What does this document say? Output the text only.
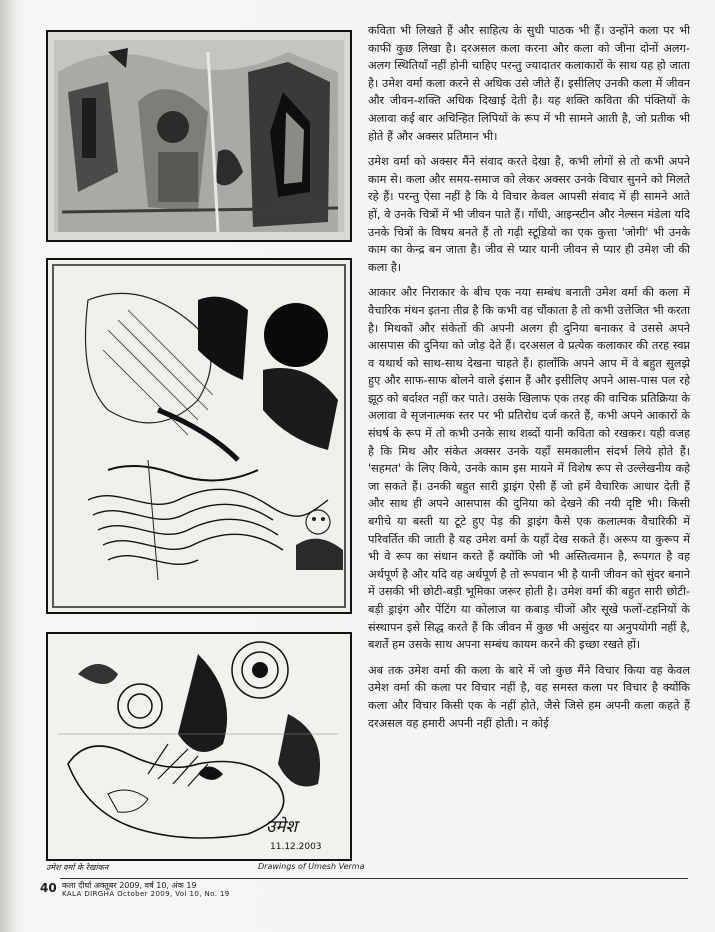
उमेश
11.12.2003
उमेश वर्मा के रेखांकन	Drawings of Umesh Verma

कविता भी लिखते हैं और साहित्य के सुधी पाठक भी हैं। उन्होंने कला पर भी काफी कुछ लिखा है। दरअसल कला करना और कला को जीना दोनों अलग-अलग स्थितियाँ नहीं होनी चाहिए परन्तु ज्यादातर कलाकारों के साथ यह हो जाता है। उमेश वर्मा कला करने से अधिक उसे जीते हैं। इसीलिए उनकी कला में जीवन और जीवन-शक्ति अधिक दिखाई देती है। यह शक्ति कविता की पंक्तियों के अलावा कई बार अचिन्हित लिपियों के रूप में भी सामने आती है, जो प्रतीक भी होते हैं और अक्सर प्रतिमान भी।

उमेश वर्मा को अक्सर मैंने संवाद करते देखा है, कभी लोगों से तो कभी अपने काम से। कला और समय-समाज को लेकर अक्सर उनके विचार सुनने को मिलते रहे हैं। परन्तु ऐसा नहीं है कि ये विचार केवल आपसी संवाद में ही सामने आते हों, वे उनके चित्रों में भी जीवन पाते हैं। गाँधी, आइन्स्टीन और नेल्सन मंडेला यदि उनके चित्रों के विषय बनते हैं तो गढ़ी स्टूडियो का एक कुत्ता 'जोगी' भी उनके काम का केन्द्र बन जाता है। जीव से प्यार यानी जीवन से प्यार ही उमेश जी की कला है।

आकार और निराकार के बीच एक नया सम्बंध बनाती उमेश वर्मा की कला में वैचारिक मंथन इतना तीव्र है कि कभी वह चौंकाता है तो कभी उत्तेजित भी करता है। मिथकों और संकेतों की अपनी अलग ही दुनिया बनाकर वे उससे अपने आसपास की दुनिया को जोड़ देते हैं। दरअसल वे प्रत्येक कलाकार की तरह स्वप्न व यथार्थ को साथ-साथ देखना चाहते हैं। हालाँकि अपने आप में वे बहुत सुलझे हुए और साफ-साफ बोलने वाले इंसान हैं और इसीलिए अपने आस-पास पल रहे झूठ को बर्दाश्त नहीं कर पाते। उसके खिलाफ एक तरह की वाचिक प्रतिक्रिया के अलावा वे सृजनात्मक स्तर पर भी प्रतिरोध दर्ज करते हैं, कभी अपने आकारों के संघर्ष के रूप में तो कभी उनके साथ शब्दों यानी कविता को रखकर। यही वजह है कि मिथ और संकेत अक्सर उनके यहाँ समकालीन संदर्भ लिये होते हैं। 'सहमत' के लिए किये, उनके काम इस मायने में विशेष रूप से उल्लेखनीय कहे जा सकते हैं। उनकी बहुत सारी ड्राइंग ऐसी हैं जो हमें वैचारिक आधार देती हैं और साथ ही अपने आसपास की दुनिया को देखने की नयी दृष्टि भी। किसी बगीचे या बस्ती या टूटे हुए पेड़ की ड्राइंग कैसे एक कलात्मक वैचारिकी में परिवर्तित की जाती है यह उमेश वर्मा के यहाँ देख सकते हैं। अरूप या कुरूप में भी वे रूप का संधान करते हैं क्योंकि जो भी अस्तित्वमान है, रूपगत है वह अर्थपूर्ण है और यदि वह अर्थपूर्ण है तो रूपवान भी है यानी जीवन को सुंदर बनाने में उसकी भी छोटी-बड़ी भूमिका जरूर होती है। उमेश वर्मा की बहुत सारी छोटी-बड़ी ड्राइंग और पेंटिंग या कोलाज या कबाड़ चीजों और सूखे फलों-टहनियों के संस्थापन इसे सिद्ध करते हैं कि जीवन में कुछ भी असुंदर या अनुपयोगी नहीं है, बशर्ते हम उसके साथ अपना सम्बंध कायम करने की इच्छा रखते हों।

अब तक उमेश वर्मा की कला के बारे में जो कुछ मैंने विचार किया वह केवल उमेश वर्मा की कला पर विचार नहीं है, वह समस्त कला पर विचार है क्योंकि कला और विचार किसी एक के नहीं होते, जैसे जिसे हम अपनी कला कहते हैं दरअसल वह हमारी अपनी नहीं होती। न कोई

40 कला दीर्घा अक्तूबर 2009, वर्ष 10, अंक 19
KALA DIRGHA October 2009, Vol 10, No. 19
